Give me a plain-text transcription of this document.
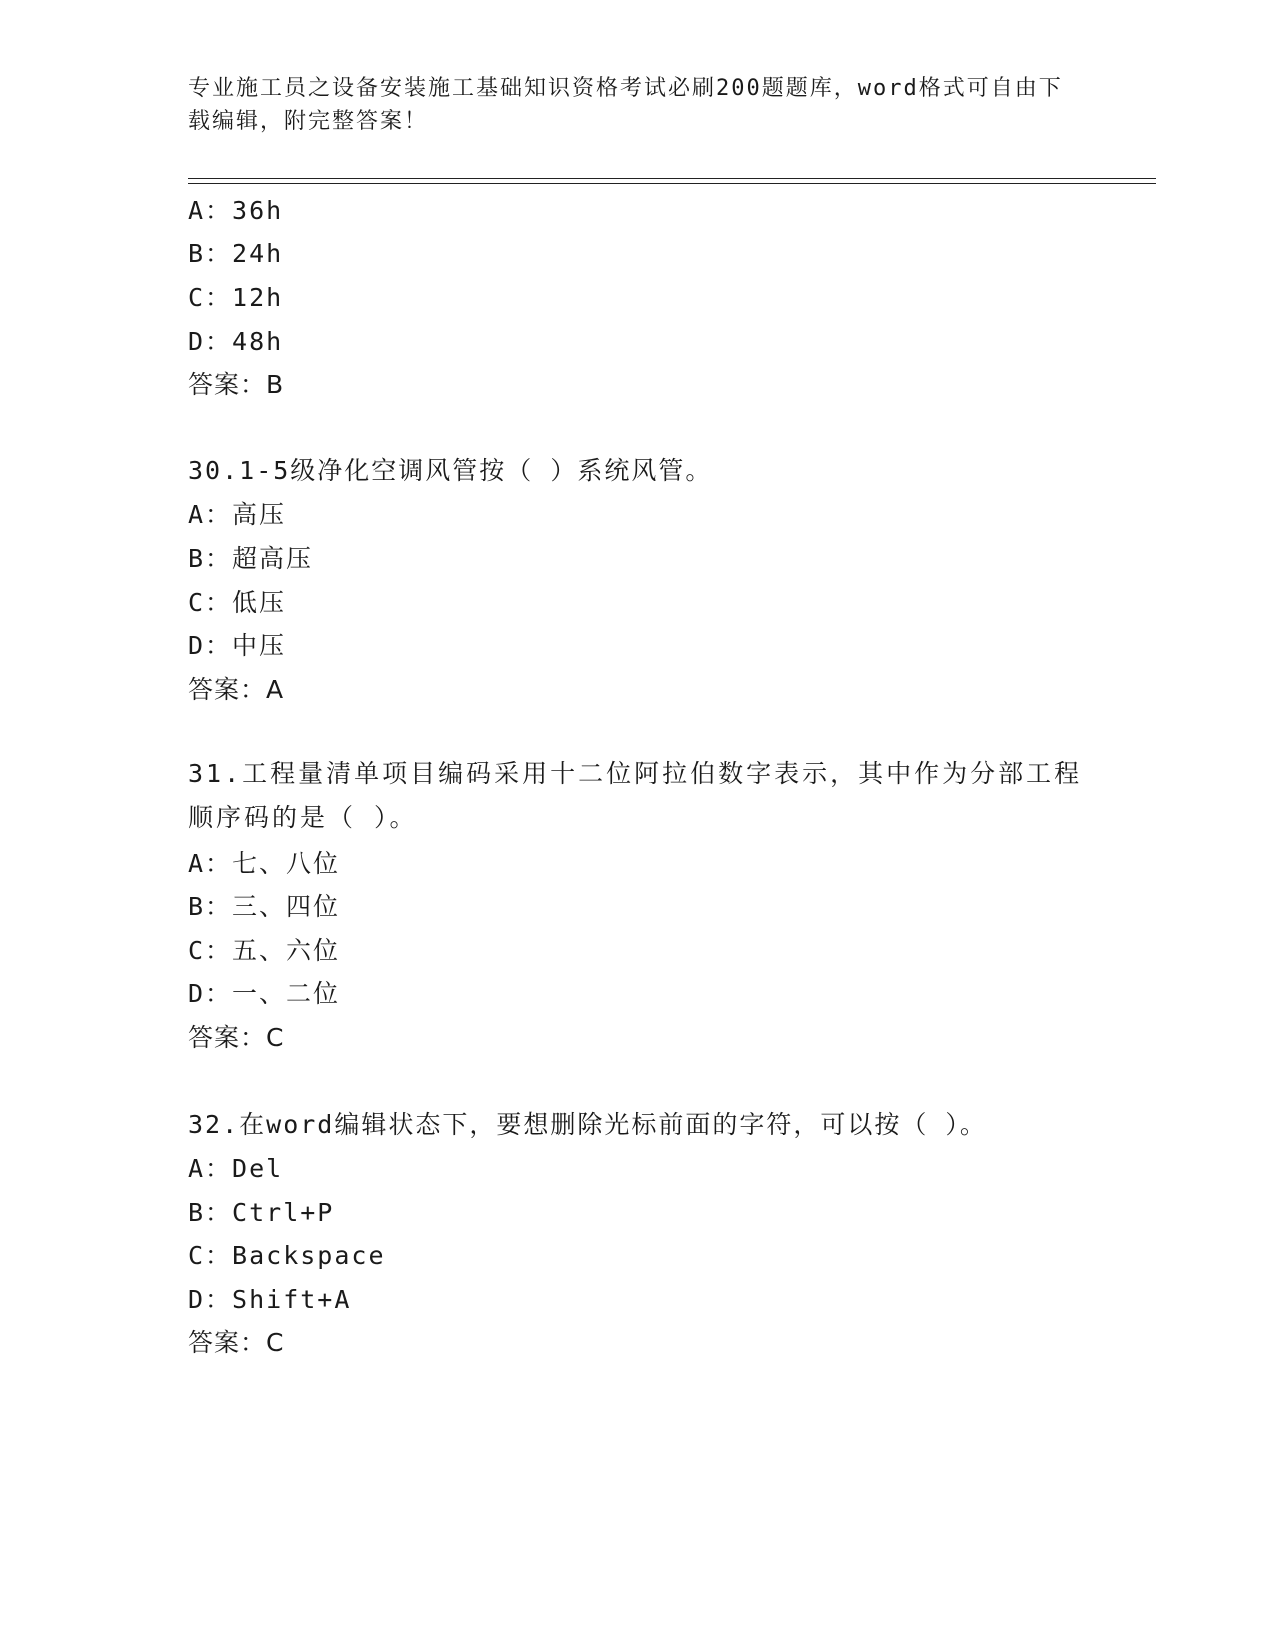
专业施工员之设备安装施工基础知识资格考试必刷200题题库，word格式可自由下载编辑，附完整答案！
A：36h
B：24h
C：12h
D：48h
答案：B
30.1-5级净化空调风管按（ ）系统风管。
A：高压
B：超高压
C：低压
D：中压
答案：A
31.工程量清单项目编码采用十二位阿拉伯数字表示，其中作为分部工程顺序码的是（ ）。
A：七、八位
B：三、四位
C：五、六位
D：一、二位
答案：C
32.在word编辑状态下，要想删除光标前面的字符，可以按（ ）。
A：Del
B：Ctrl+P
C：Backspace
D：Shift+A
答案：C
